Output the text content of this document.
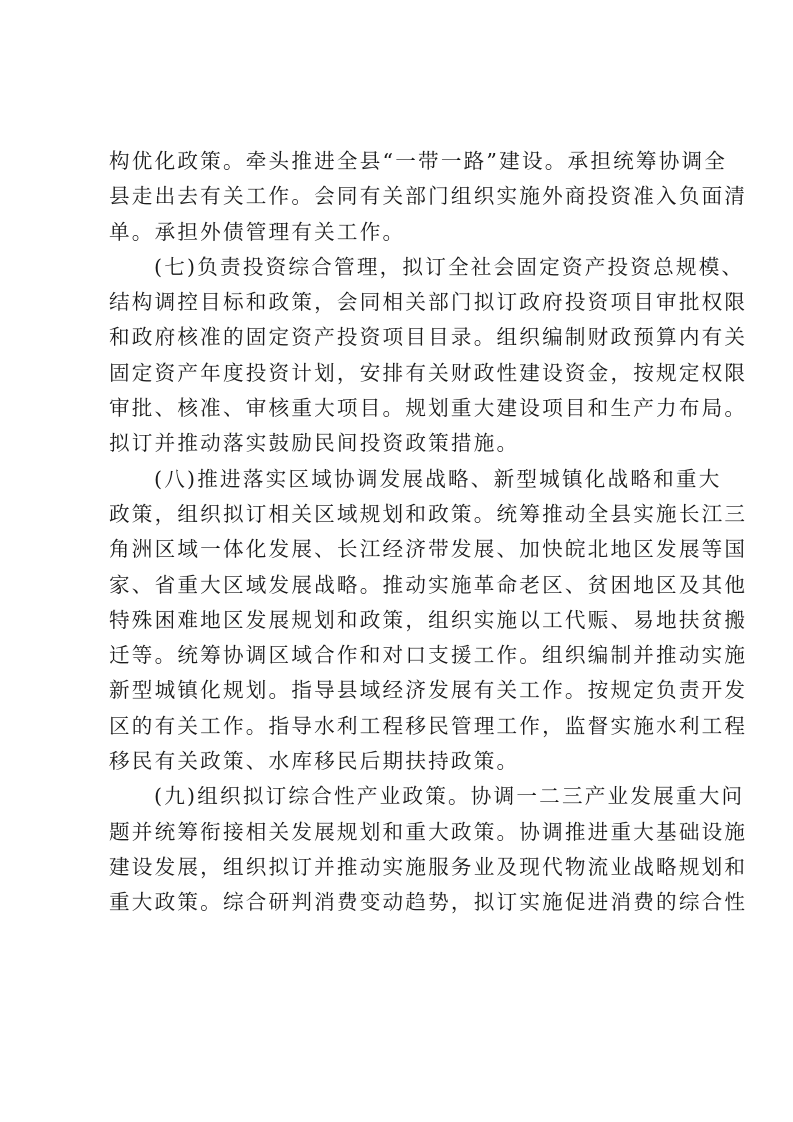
构优化政策。牵头推进全县“一带一路”建设。承担统筹协调全
县走出去有关工作。会同有关部门组织实施外商投资准入负面清
单。承担外债管理有关工作。
(七)负责投资综合管理，拟订全社会固定资产投资总规模、
结构调控目标和政策，会同相关部门拟订政府投资项目审批权限
和政府核准的固定资产投资项目目录。组织编制财政预算内有关
固定资产年度投资计划，安排有关财政性建设资金，按规定权限
审批、核准、审核重大项目。规划重大建设项目和生产力布局。
拟订并推动落实鼓励民间投资政策措施。
(八)推进落实区域协调发展战略、新型城镇化战略和重大
政策，组织拟订相关区域规划和政策。统筹推动全县实施长江三
角洲区域一体化发展、长江经济带发展、加快皖北地区发展等国
家、省重大区域发展战略。推动实施革命老区、贫困地区及其他
特殊困难地区发展规划和政策，组织实施以工代赈、易地扶贫搬
迁等。统筹协调区域合作和对口支援工作。组织编制并推动实施
新型城镇化规划。指导县域经济发展有关工作。按规定负责开发
区的有关工作。指导水利工程移民管理工作，监督实施水利工程
移民有关政策、水库移民后期扶持政策。
(九)组织拟订综合性产业政策。协调一二三产业发展重大问
题并统筹衔接相关发展规划和重大政策。协调推进重大基础设施
建设发展，组织拟订并推动实施服务业及现代物流业战略规划和
重大政策。综合研判消费变动趋势，拟订实施促进消费的综合性
